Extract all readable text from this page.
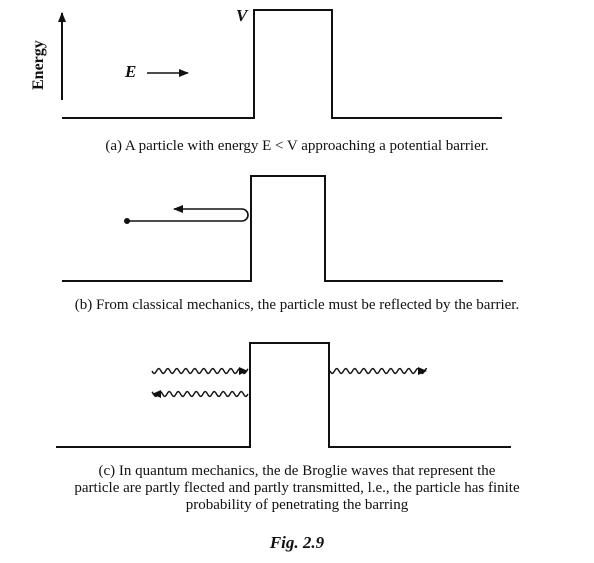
Energy
V
E
(a) A particle with energy E < V approaching a potential barrier.
(b) From classical mechanics, the particle must be reflected by the barrier.
(c) In quantum mechanics, the de Broglie waves that represent the
particle are partly flected and partly transmitted, l.e., the particle has finite
probability of penetrating the barring
Fig. 2.9
